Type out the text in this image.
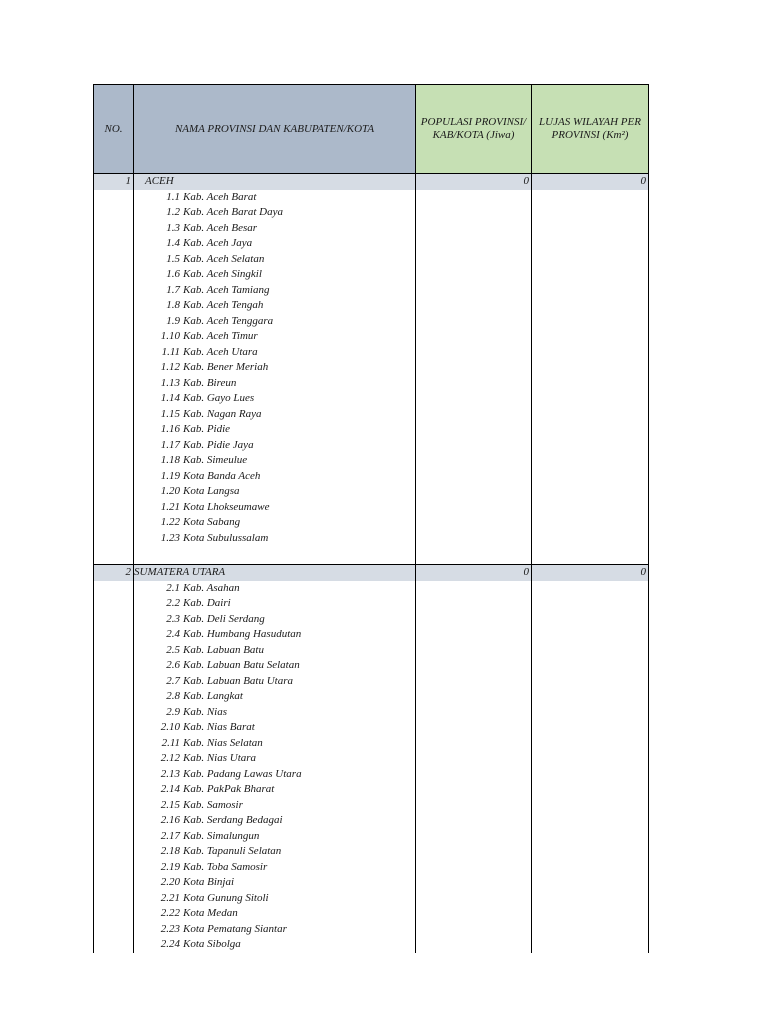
NO.	NAMA PROVINSI DAN KABUPATEN/KOTA	POPULASI PROVINSI/ KAB/KOTA (Jiwa)	LUJAS WILAYAH PER PROVINSI (Km²)
1	ACEH	0	0
	1.1 Kab. Aceh Barat		
	1.2 Kab. Aceh Barat Daya		
	1.3 Kab. Aceh Besar		
	1.4 Kab. Aceh Jaya		
	1.5 Kab. Aceh Selatan		
	1.6 Kab. Aceh Singkil		
	1.7 Kab. Aceh Tamiang		
	1.8 Kab. Aceh Tengah		
	1.9 Kab. Aceh Tenggara		
	1.10 Kab. Aceh Timur		
	1.11 Kab. Aceh Utara		
	1.12 Kab. Bener Meriah		
	1.13 Kab. Bireun		
	1.14 Kab. Gayo Lues		
	1.15 Kab. Nagan Raya		
	1.16 Kab. Pidie		
	1.17 Kab. Pidie Jaya		
	1.18 Kab. Simeulue		
	1.19 Kota Banda Aceh		
	1.20 Kota Langsa		
	1.21 Kota Lhokseumawe		
	1.22 Kota Sabang		
	1.23 Kota Subulussalam		

2	SUMATERA UTARA	0	0
	2.1 Kab. Asahan		
	2.2 Kab. Dairi		
	2.3 Kab. Deli Serdang		
	2.4 Kab. Humbang Hasudutan		
	2.5 Kab. Labuan Batu		
	2.6 Kab. Labuan Batu Selatan		
	2.7 Kab. Labuan Batu Utara		
	2.8 Kab. Langkat		
	2.9 Kab. Nias		
	2.10 Kab. Nias Barat		
	2.11 Kab. Nias Selatan		
	2.12 Kab. Nias Utara		
	2.13 Kab. Padang Lawas Utara		
	2.14 Kab. PakPak Bharat		
	2.15 Kab. Samosir		
	2.16 Kab. Serdang Bedagai		
	2.17 Kab. Simalungun		
	2.18 Kab. Tapanuli Selatan		
	2.19 Kab. Toba Samosir		
	2.20 Kota Binjai		
	2.21 Kota Gunung Sitoli		
	2.22 Kota Medan		
	2.23 Kota Pematang Siantar		
	2.24 Kota Sibolga		
